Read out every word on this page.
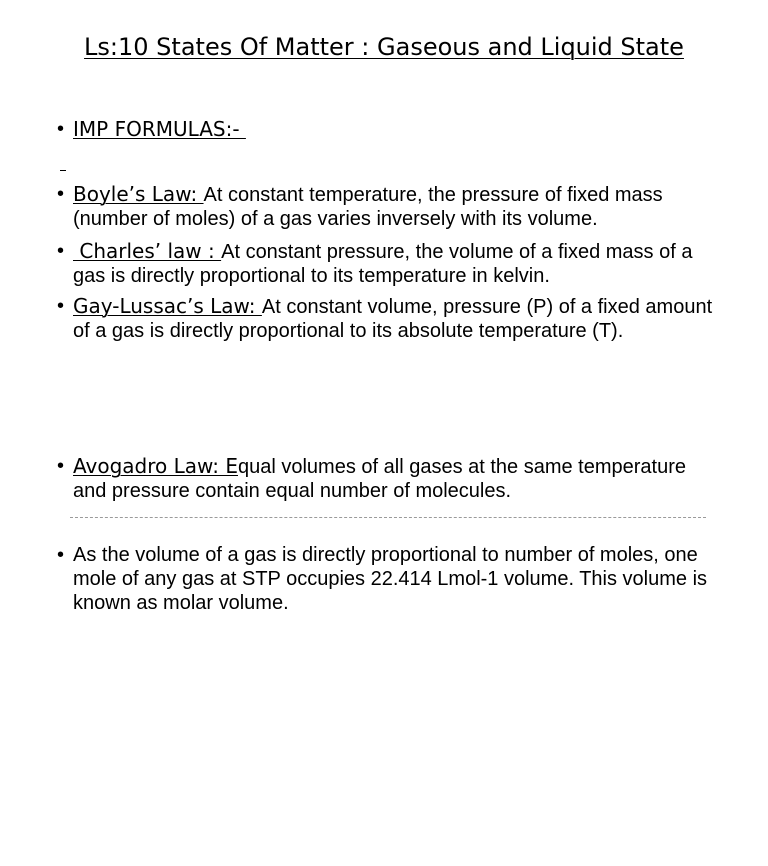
Ls:10 States Of Matter : Gaseous and Liquid State
• IMP FORMULAS:-
• Boyle’s Law: At constant temperature, the pressure of fixed mass (number of moles) of a gas varies inversely with its volume.
• Charles’ law : At constant pressure, the volume of a fixed mass of a gas is directly proportional to its temperature in kelvin.
• Gay-Lussac’s Law: At constant volume, pressure (P) of a fixed amount of a gas is directly proportional to its absolute temperature (T).
• Avogadro Law: Equal volumes of all gases at the same temperature and pressure contain equal number of molecules.
• As the volume of a gas is directly proportional to number of moles, one mole of any gas at STP occupies 22.414 Lmol-1 volume. This volume is known as molar volume.
